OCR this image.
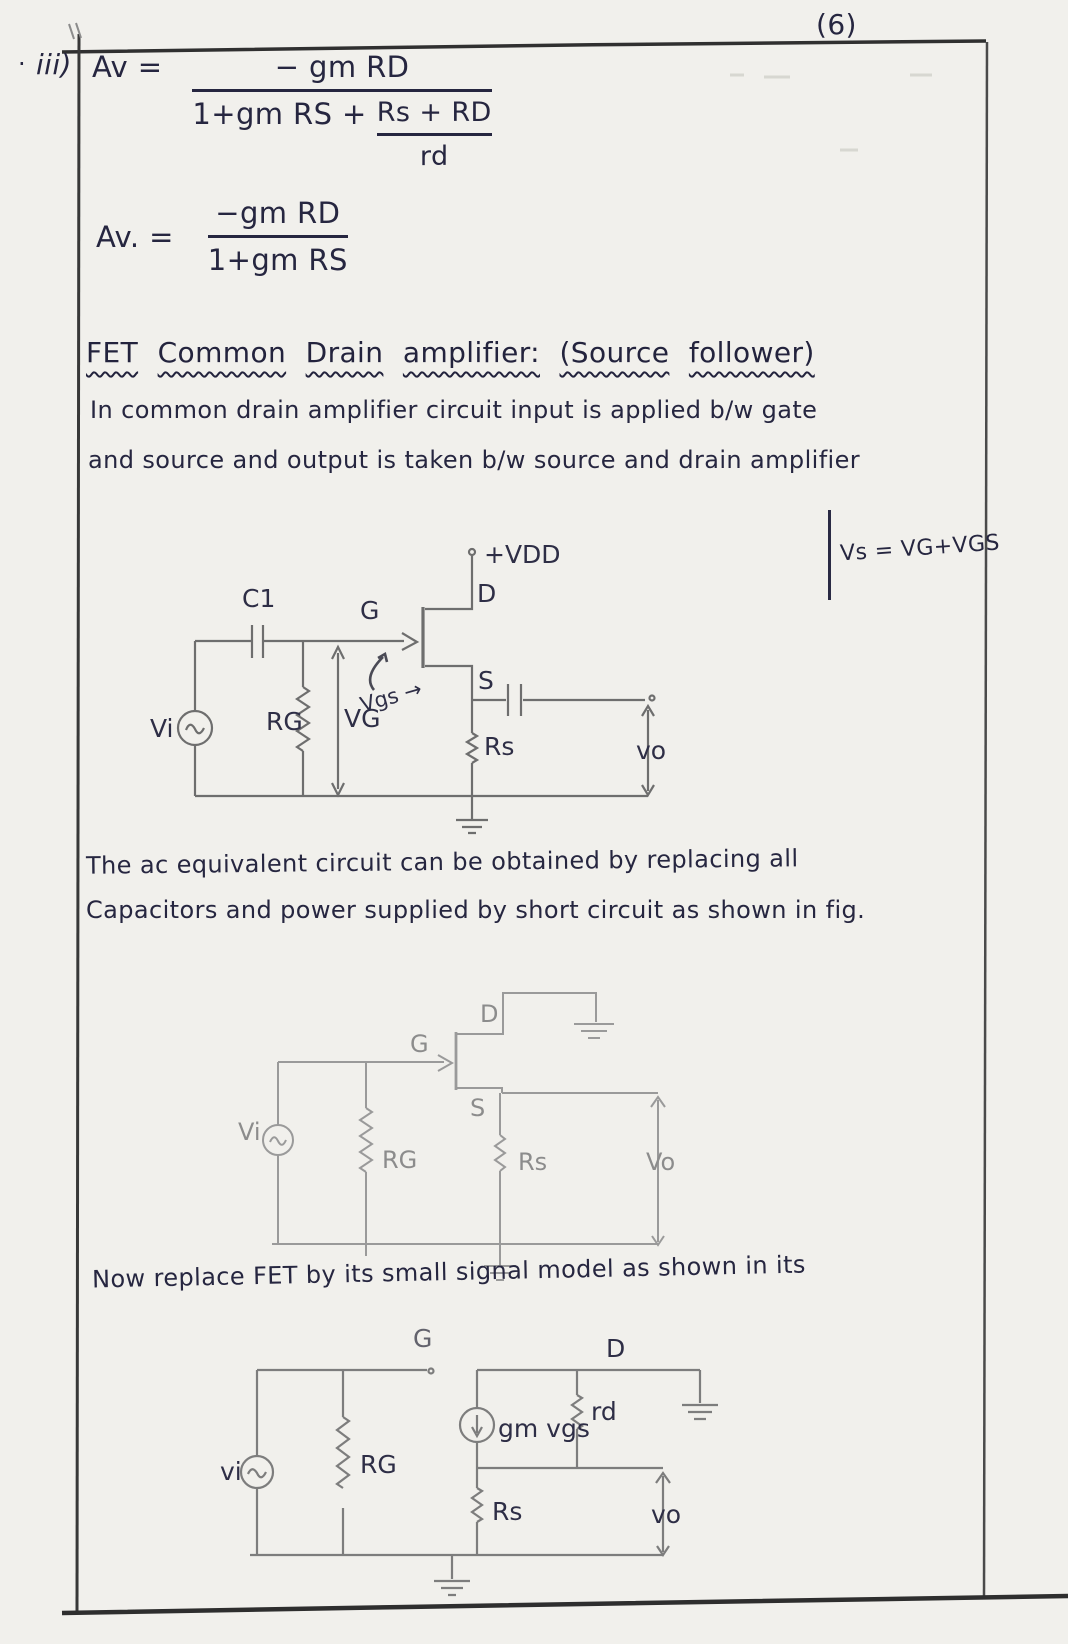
(6)
· iii) $Av = \frac{\text{− gm RD}}{1+gm RS + \frac{Rs + RD}{rd}}$
Av. = $\frac{\text{−gm RD}}{\text{1+gm RS}}$
FET Common Drain amplifier: (Source follower)
In common drain amplifier circuit input is applied b/w gate
and source and output is taken b/w source and drain amplifier
Vs = VG+VGS
+VDD
D
G
S
C1
Vi	RG VG
Vgs →
Rs	vo
The ac equivalent circuit can be obtained by replacing all
Capacitors and power supplied by short circuit as shown in fig.
D
G
S
Vi
RG	Rs	Vo
Now replace FET by its small signal model as shown in its
G	D
vi	RG
gm vgs
rd
Rs	vo
